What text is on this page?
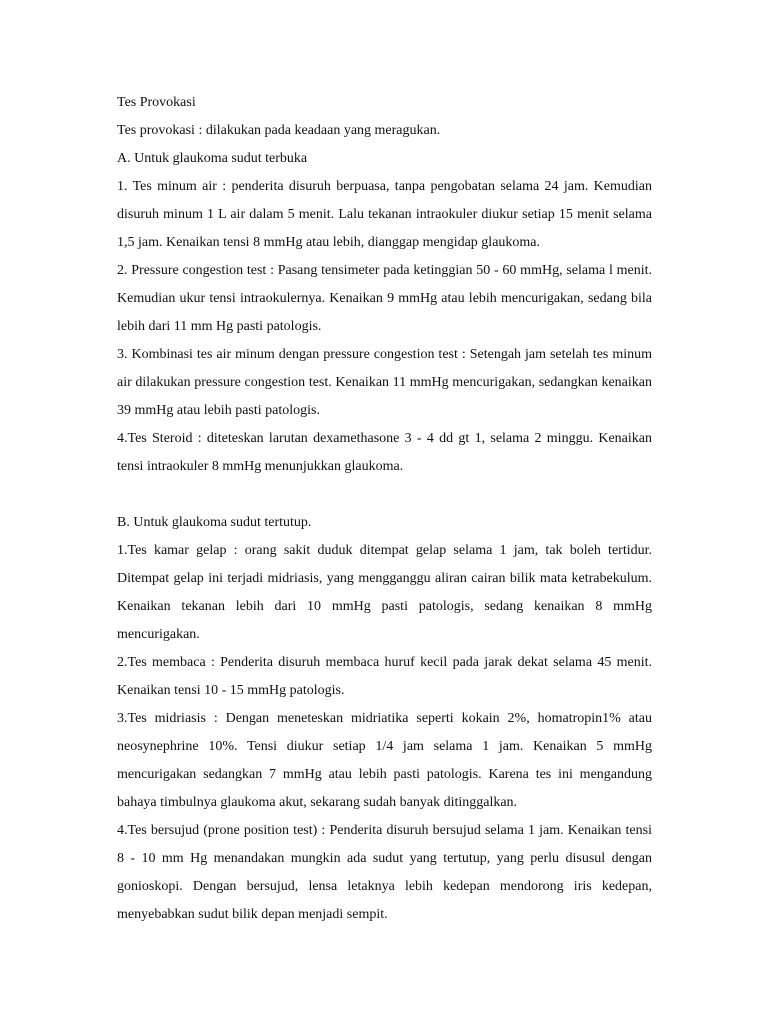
Tes Provokasi

Tes provokasi : dilakukan pada keadaan yang meragukan.

A. Untuk glaukoma sudut terbuka

1. Tes minum air : penderita disuruh berpuasa, tanpa pengobatan selama 24 jam. Kemudian disuruh minum 1 L air dalam 5 menit. Lalu tekanan intraokuler diukur setiap 15 menit selama 1,5 jam. Kenaikan tensi 8 mmHg atau lebih, dianggap mengidap glaukoma.

2. Pressure congestion test : Pasang tensimeter pada ketinggian 50 - 60 mmHg, selama l menit. Kemudian ukur tensi intraokulernya. Kenaikan 9 mmHg atau lebih mencurigakan, sedang bila lebih dari 11 mm Hg pasti patologis.

3. Kombinasi tes air minum dengan pressure congestion test : Setengah jam setelah tes minum air dilakukan pressure congestion test. Kenaikan 11 mmHg mencurigakan, sedangkan kenaikan 39 mmHg atau lebih pasti patologis.

4.Tes Steroid : diteteskan larutan dexamethasone 3 - 4 dd gt 1, selama 2 minggu. Kenaikan tensi intraokuler 8 mmHg menunjukkan glaukoma.

B. Untuk glaukoma sudut tertutup.

1.Tes kamar gelap : orang sakit duduk ditempat gelap selama 1 jam, tak boleh tertidur. Ditempat gelap ini terjadi midriasis, yang mengganggu aliran cairan bilik mata ketrabekulum. Kenaikan tekanan lebih dari 10 mmHg pasti patologis, sedang kenaikan 8 mmHg mencurigakan.

2.Tes membaca : Penderita disuruh membaca huruf kecil pada jarak dekat selama 45 menit. Kenaikan tensi 10 - 15 mmHg patologis.

3.Tes midriasis : Dengan meneteskan midriatika seperti kokain 2%, homatropin1% atau neosynephrine 10%. Tensi diukur setiap 1/4 jam selama 1 jam. Kenaikan 5 mmHg mencurigakan sedangkan 7 mmHg atau lebih pasti patologis. Karena tes ini mengandung bahaya timbulnya glaukoma akut, sekarang sudah banyak ditinggalkan.

4.Tes bersujud (prone position test) : Penderita disuruh bersujud selama 1 jam. Kenaikan tensi 8 - 10 mm Hg menandakan mungkin ada sudut yang tertutup, yang perlu disusul dengan gonioskopi. Dengan bersujud, lensa letaknya lebih kedepan mendorong iris kedepan, menyebabkan sudut bilik depan menjadi sempit.
